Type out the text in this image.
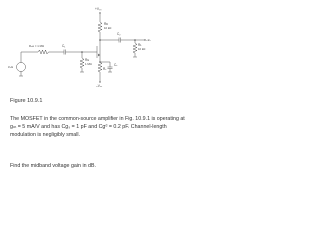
+V₀₀
Rᴅ
10 kΩ
C₂
–vₒ
Rʟ
10 kΩ
Rₛᵢɢ = 1 MΩ	C₁
vₛᵢɢ
Rɢ
1 MΩ
Rₛ
Cₛ
–Vₛₛ
Figure 10.9.1
The MOSFET in the common-source amplifier in Fig. 10.9.1 is operating at gₘ = 5 mA/V and has Cɡₛ = 1 pF and Cɡᵈ = 0.2 pF. Channel-length modulation is negligibly small.
Find the midband voltage gain in dB.
